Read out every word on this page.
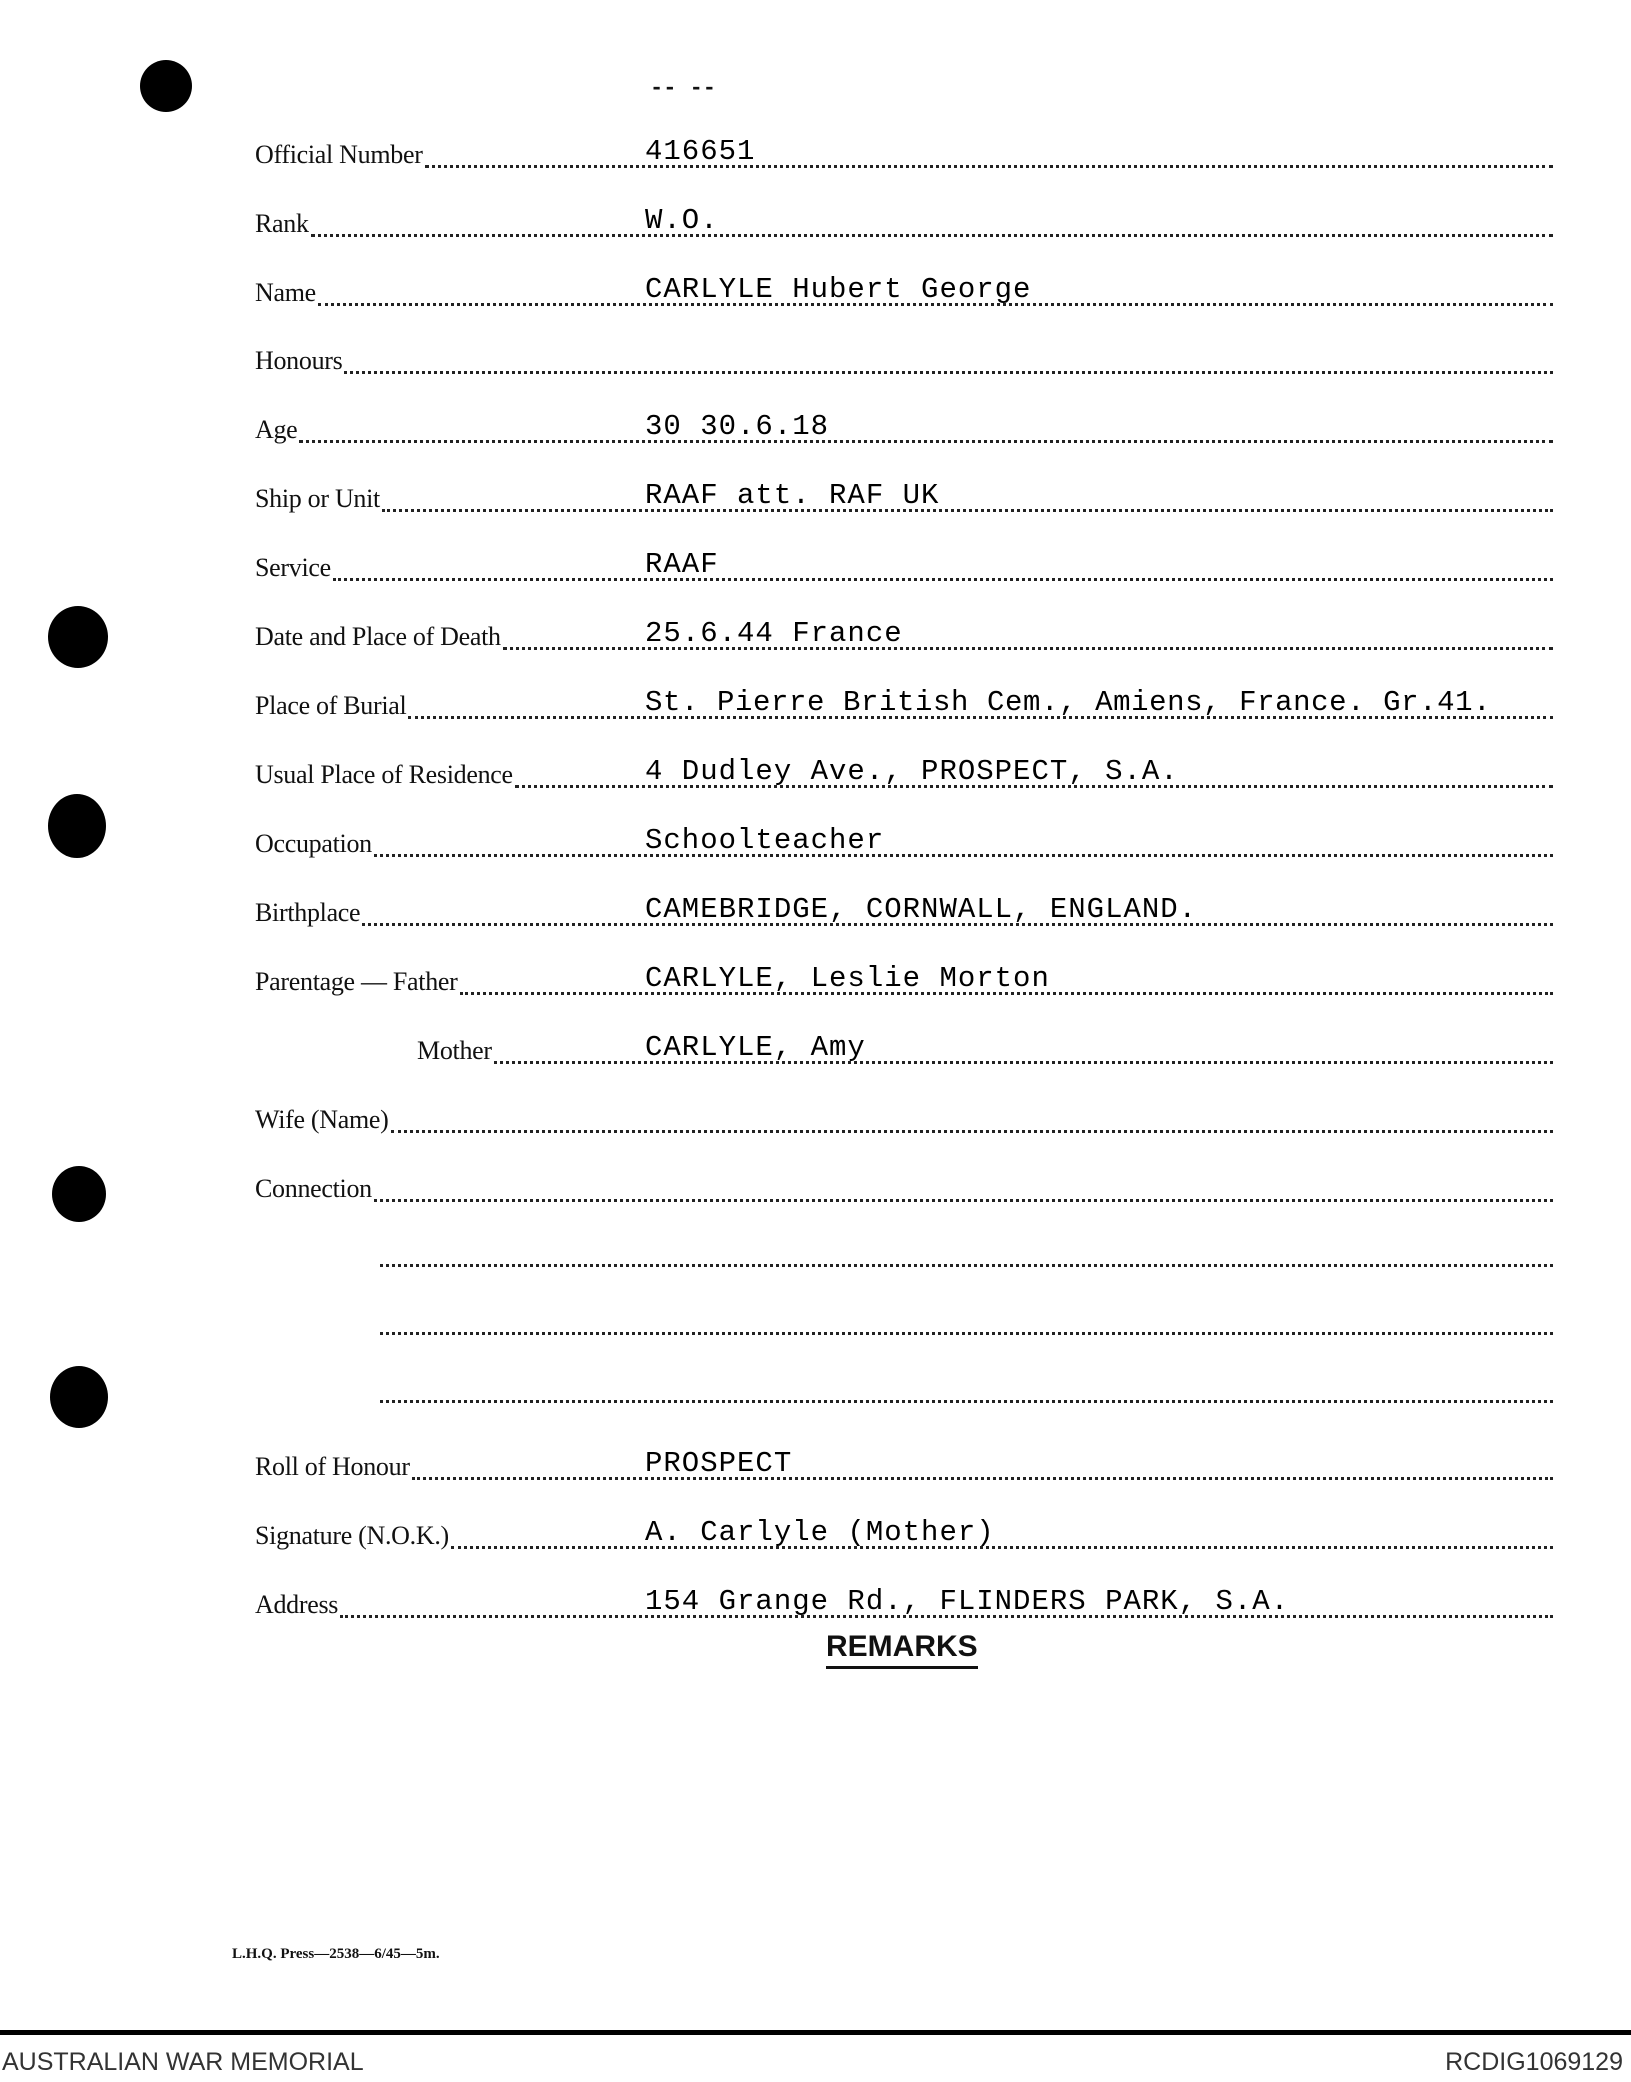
-- --
Official Number	416651
Rank	W.O.
Name	CARLYLE Hubert George
Honours
Age	30 30.6.18
Ship or Unit	RAAF att. RAF UK
Service	RAAF
Date and Place of Death	25.6.44 France
Place of Burial	St. Pierre British Cem., Amiens, France. Gr.41.
Usual Place of Residence	4 Dudley Ave., PROSPECT, S.A.
Occupation	Schoolteacher
Birthplace	CAMEBRIDGE, CORNWALL, ENGLAND.
Parentage — Father	CARLYLE, Leslie Morton
Mother	CARLYLE, Amy
Wife (Name)
Connection
Roll of Honour	PROSPECT
Signature (N.O.K.)	A. Carlyle (Mother)
Address	154 Grange Rd., FLINDERS PARK, S.A.
REMARKS
L.H.Q. Press—2538—6/45—5m.
AUSTRALIAN WAR MEMORIAL	RCDIG1069129
